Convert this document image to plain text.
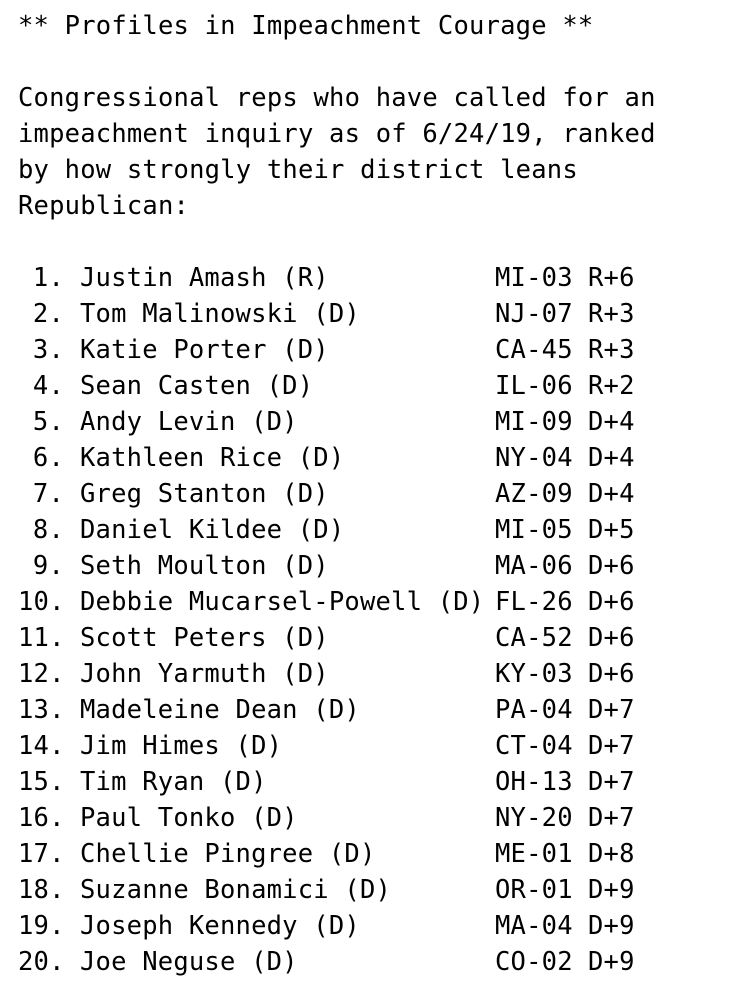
** Profiles in Impeachment Courage **
Congressional reps who have called for an
impeachment inquiry as of 6/24/19, ranked
by how strongly their district leans
Republican:
1. Justin Amash (R)	MI-03 R+6
2. Tom Malinowski (D)	NJ-07 R+3
3. Katie Porter (D)	CA-45 R+3
4. Sean Casten (D)	IL-06 R+2
5. Andy Levin (D)	MI-09 D+4
6. Kathleen Rice (D)	NY-04 D+4
7. Greg Stanton (D)	AZ-09 D+4
8. Daniel Kildee (D)	MI-05 D+5
9. Seth Moulton (D)	MA-06 D+6
10. Debbie Mucarsel-Powell (D) FL-26 D+6
11. Scott Peters (D)	CA-52 D+6
12. John Yarmuth (D)	KY-03 D+6
13. Madeleine Dean (D)	PA-04 D+7
14. Jim Himes (D)	CT-04 D+7
15. Tim Ryan (D)	OH-13 D+7
16. Paul Tonko (D)	NY-20 D+7
17. Chellie Pingree (D)	ME-01 D+8
18. Suzanne Bonamici (D)	OR-01 D+9
19. Joseph Kennedy (D)	MA-04 D+9
20. Joe Neguse (D)	CO-02 D+9
